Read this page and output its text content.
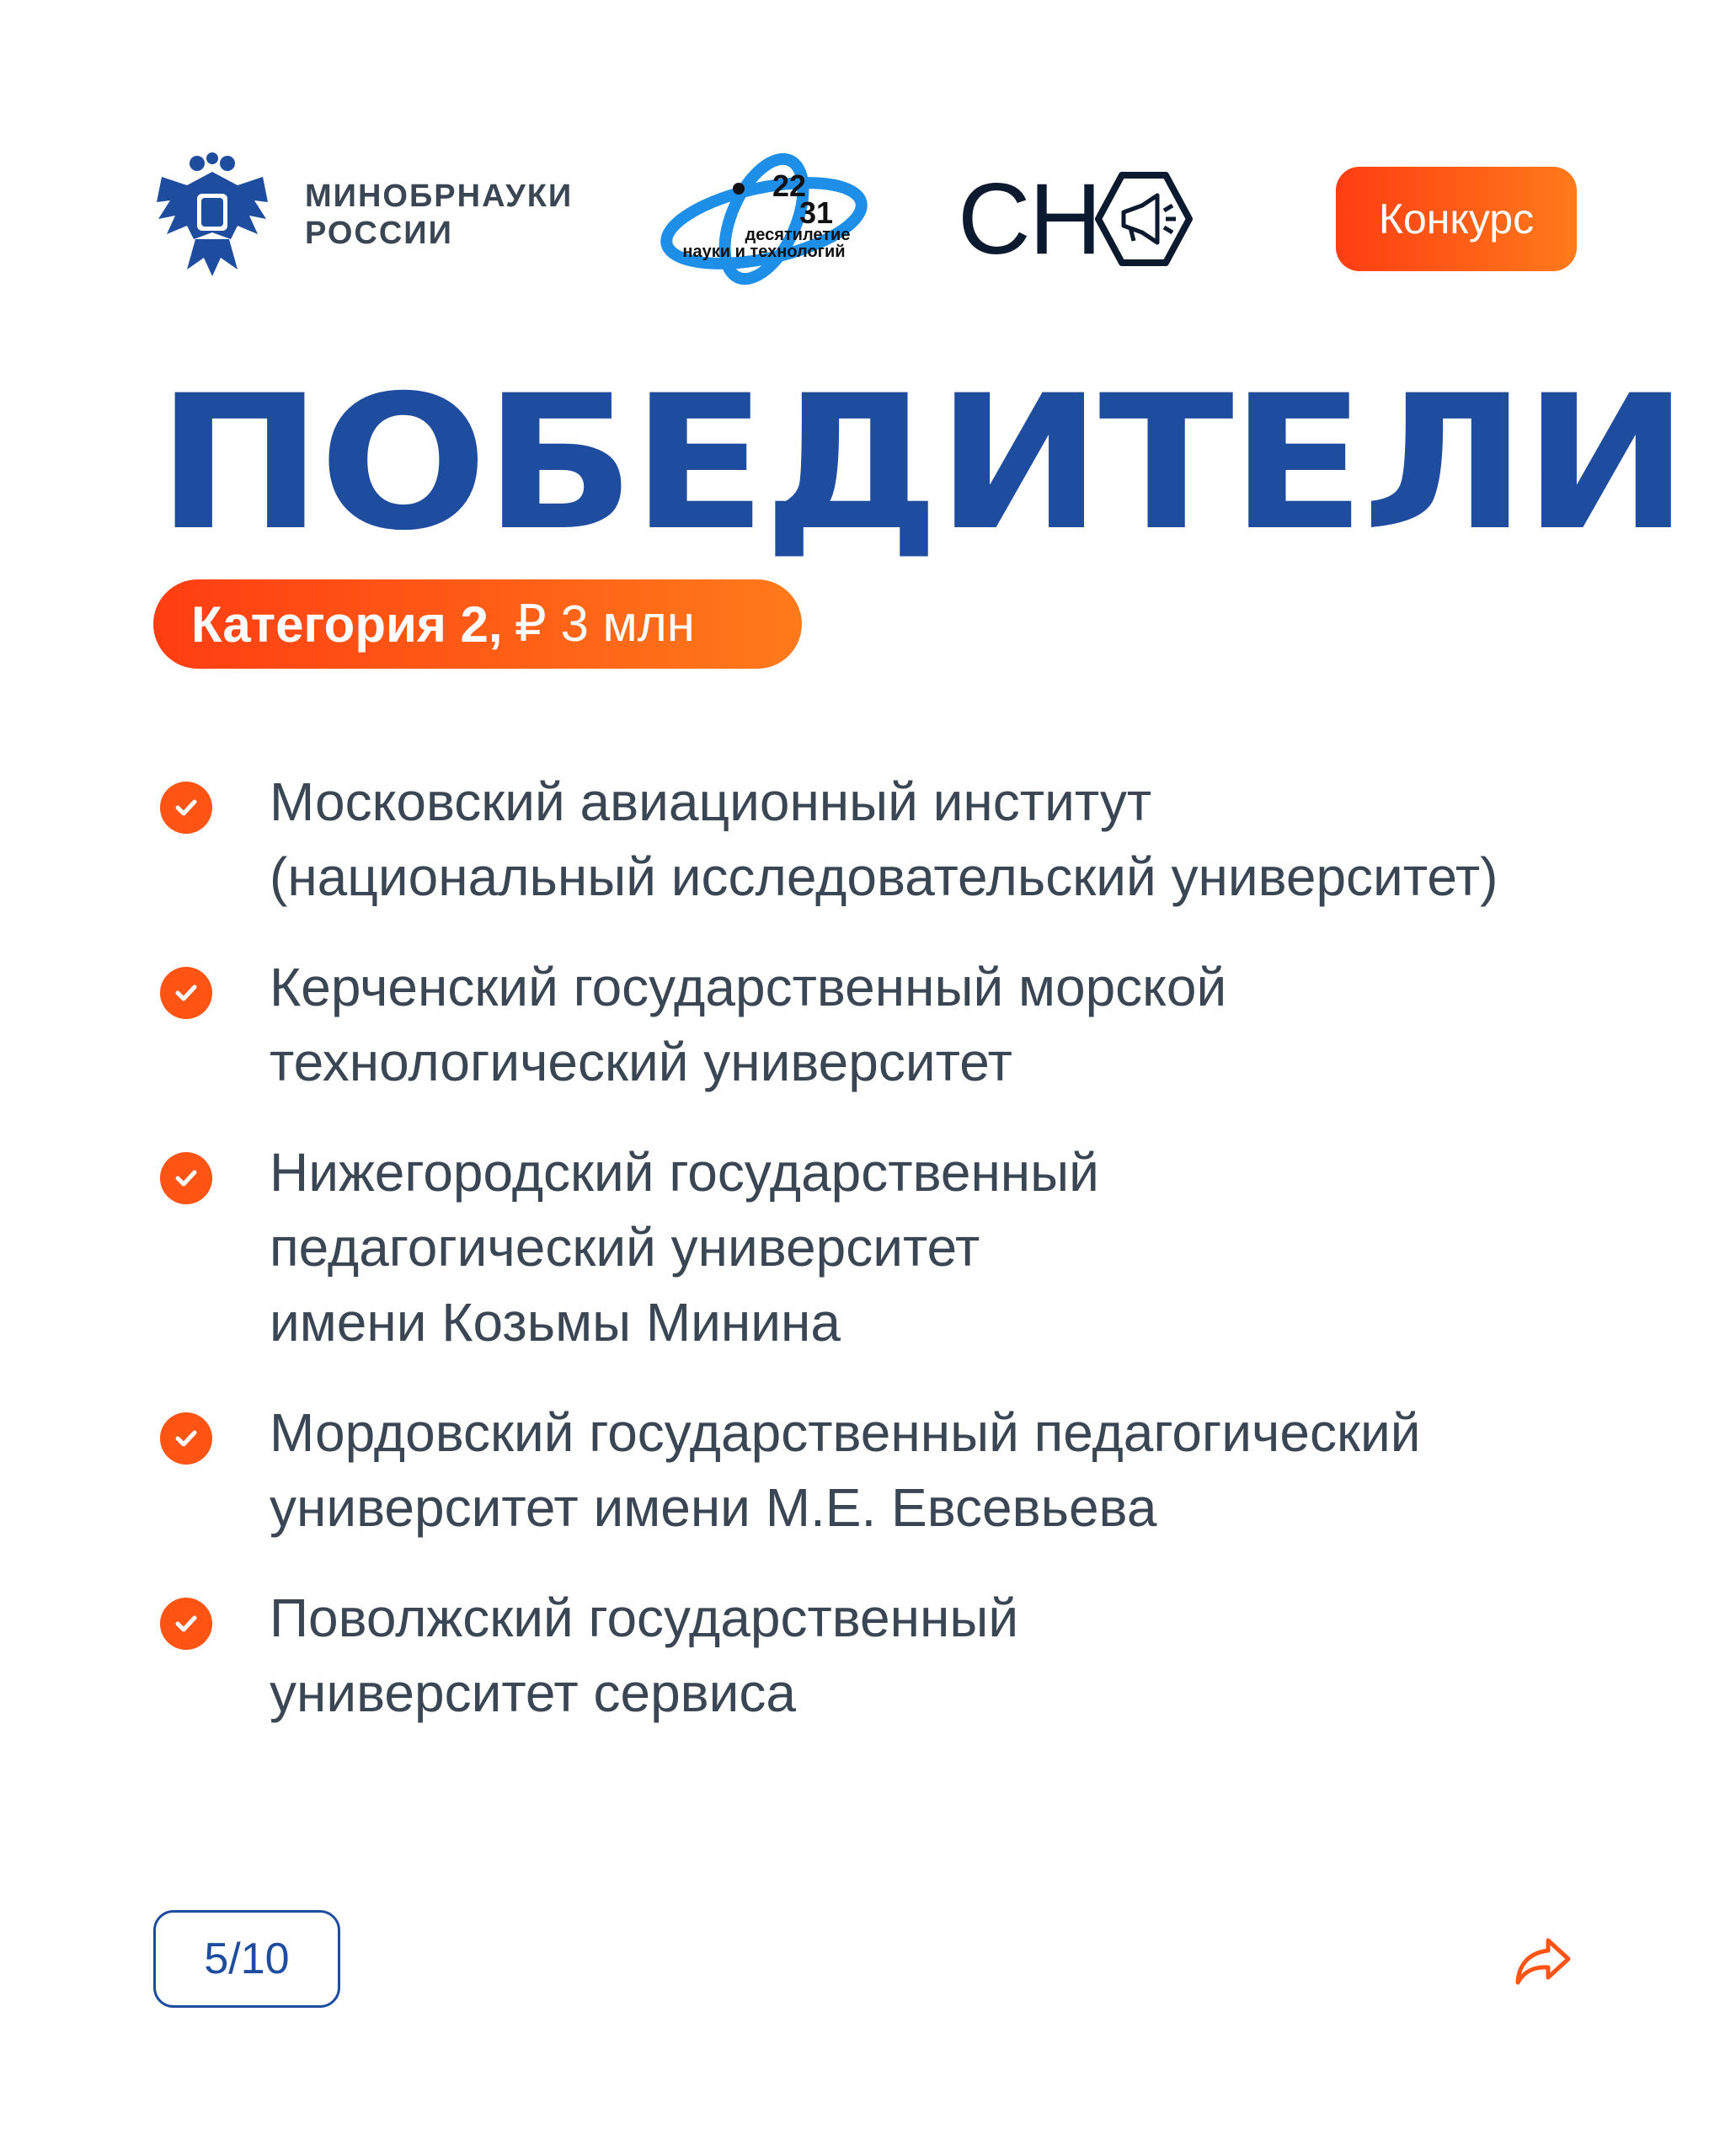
МИНОБРНАУКИ
РОССИИ
22
31
десятилетие
науки и технологий СН	Конкурс
ПОБЕДИТЕЛИ
Категория 2, ₽ 3 млн
Московский авиационный институт
(национальный исследовательский университет)
Керченский государственный морской
технологический университет
Нижегородский государственный
педагогический университет
имени Козьмы Минина
Мордовский государственный педагогический
университет имени М.Е. Евсевьева
Поволжский государственный
университет сервиса
5/10
